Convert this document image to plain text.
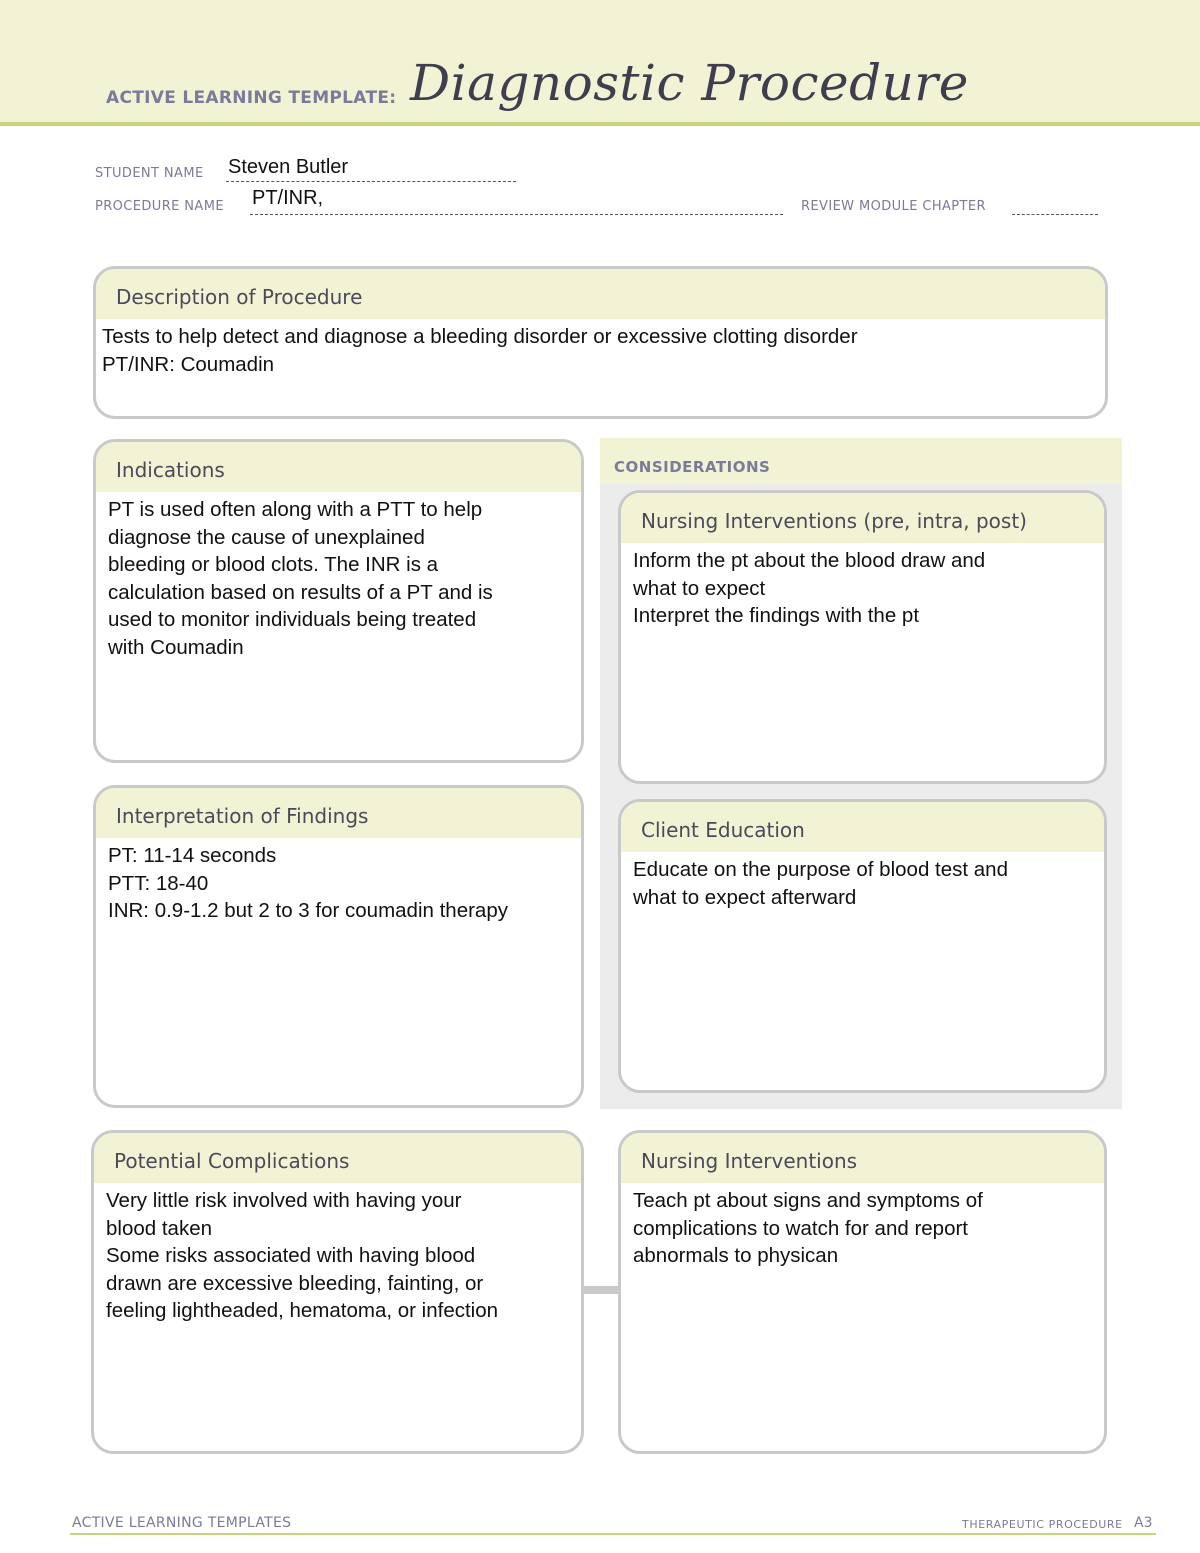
ACTIVE LEARNING TEMPLATE: Diagnostic Procedure
STUDENT NAME Steven Butler
PROCEDURE NAME PT/INR,	REVIEW MODULE CHAPTER
Description of Procedure
Tests to help detect and diagnose a bleeding disorder or excessive clotting disorder
PT/INR: Coumadin
CONSIDERATIONS
Indications
PT is used often along with a PTT to help
diagnose the cause of unexplained
bleeding or blood clots. The INR is a
calculation based on results of a PT and is
used to monitor individuals being treated
with Coumadin
Nursing Interventions (pre, intra, post)
Inform the pt about the blood draw and
what to expect
Interpret the findings with the pt
Interpretation of Findings
PT: 11-14 seconds
PTT: 18-40
INR: 0.9-1.2 but 2 to 3 for coumadin therapy
Client Education
Educate on the purpose of blood test and
what to expect afterward
Potential Complications
Very little risk involved with having your
blood taken
Some risks associated with having blood
drawn are excessive bleeding, fainting, or
feeling lightheaded, hematoma, or infection
Nursing Interventions
Teach pt about signs and symptoms of
complications to watch for and report
abnormals to physican
ACTIVE LEARNING TEMPLATES	THERAPEUTIC PROCEDURE A3
